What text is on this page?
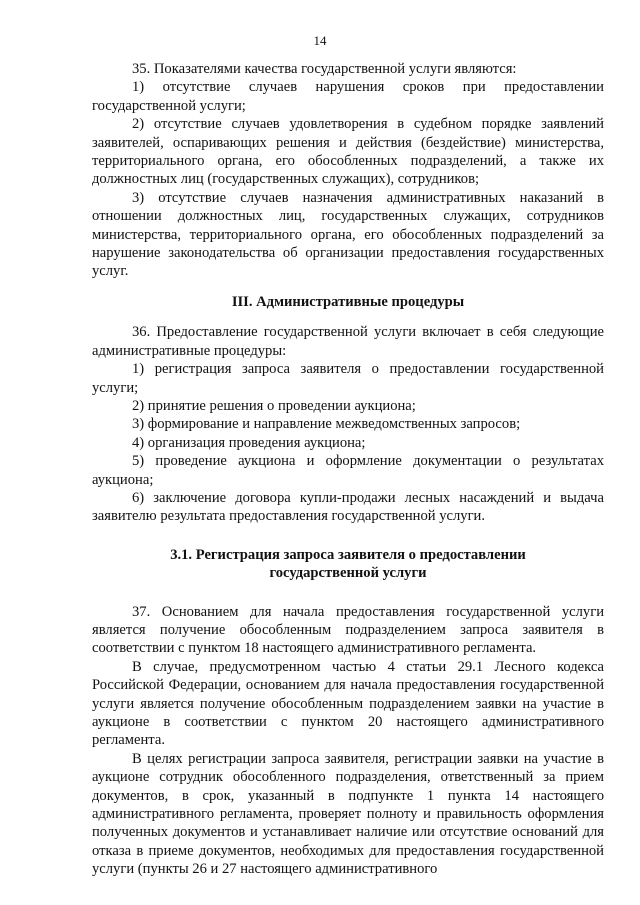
14

35. Показателями качества государственной услуги являются:

1) отсутствие случаев нарушения сроков при предоставлении государственной услуги;

2) отсутствие случаев удовлетворения в судебном порядке заявлений заявителей, оспаривающих решения и действия (бездействие) министерства, территориального органа, его обособленных подразделений, а также их должностных лиц (государственных служащих), сотрудников;

3) отсутствие случаев назначения административных наказаний в отношении должностных лиц, государственных служащих, сотрудников министерства, территориального органа, его обособленных подразделений за нарушение законодательства об организации предоставления государственных услуг.

III. Административные процедуры

36. Предоставление государственной услуги включает в себя следующие административные процедуры:

1) регистрация запроса заявителя о предоставлении государственной услуги;

2) принятие решения о проведении аукциона;

3) формирование и направление межведомственных запросов;

4) организация проведения аукциона;

5) проведение аукциона и оформление документации о результатах аукциона;

6) заключение договора купли-продажи лесных насаждений и выдача заявителю результата предоставления государственной услуги.

3.1. Регистрация запроса заявителя о предоставлении

государственной услуги

37. Основанием для начала предоставления государственной услуги является получение обособленным подразделением запроса заявителя в соответствии с пунктом 18 настоящего административного регламента.

В случае, предусмотренном частью 4 статьи 29.1 Лесного кодекса Российской Федерации, основанием для начала предоставления государственной услуги является получение обособленным подразделением заявки на участие в аукционе в соответствии с пунктом 20 настоящего административного регламента.

В целях регистрации запроса заявителя, регистрации заявки на участие в аукционе сотрудник обособленного подразделения, ответственный за прием документов, в срок, указанный в подпункте 1 пункта 14 настоящего административного регламента, проверяет полноту и правильность оформления полученных документов и устанавливает наличие или отсутствие оснований для отказа в приеме документов, необходимых для предоставления государственной услуги (пункты 26 и 27 настоящего административного
